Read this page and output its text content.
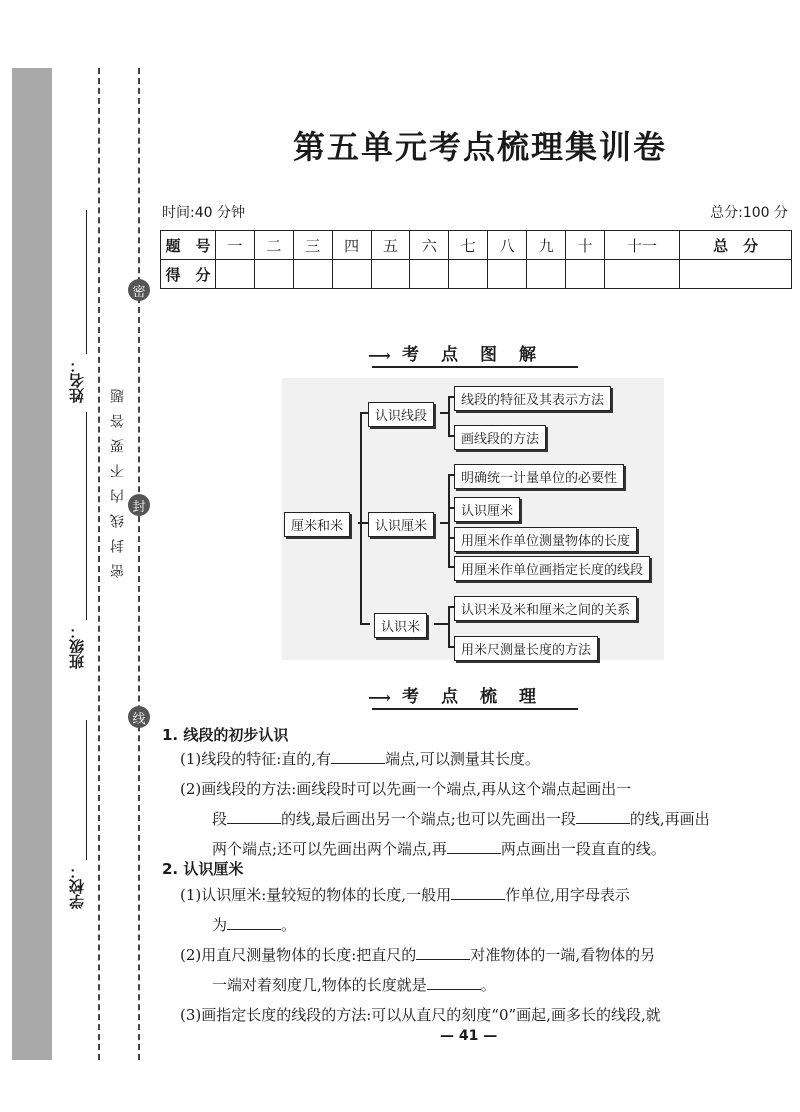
学校：
班级：
姓名：
密
封
线
密封线内不要答题
第五单元考点梳理集训卷
时间:40 分钟	总分:100 分
题　号	一	二	三	四	五	六	七	八	九	十	十一	总　分
得　分												
⟶ 考 点 图 解
厘米和米
认识线段
认识厘米
认识米
线段的特征及其表示方法
画线段的方法
明确统一计量单位的必要性
认识厘米
用厘米作单位测量物体的长度
用厘米作单位画指定长度的线段
认识米及米和厘米之间的关系
用米尺测量长度的方法
⟶ 考 点 梳 理
1. 线段的初步认识
(1)线段的特征:直的,有	端点,可以测量其长度。
(2)画线段的方法:画线段时可以先画一个端点,再从这个端点起画出一
段	的线,最后画出另一个端点;也可以先画出一段	的线,再画出
两个端点;还可以先画出两个端点,再	两点画出一段直直的线。
2. 认识厘米
(1)认识厘米:量较短的物体的长度,一般用	作单位,用字母表示
为	。
(2)用直尺测量物体的长度:把直尺的	对准物体的一端,看物体的另
一端对着刻度几,物体的长度就是	。
(3)画指定长度的线段的方法:可以从直尺的刻度“0”画起,画多长的线段,就
— 41 —
